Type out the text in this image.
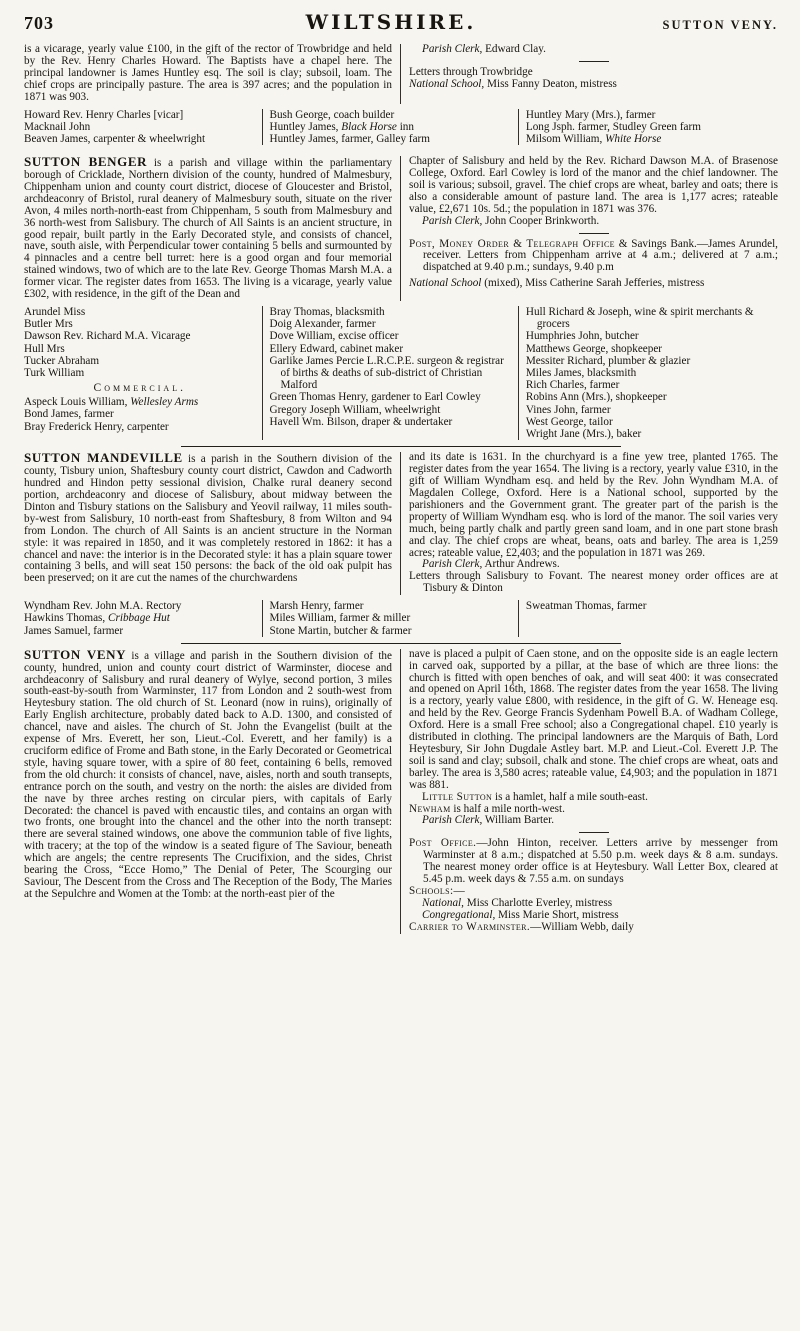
703	WILTSHIRE.	SUTTON VENY.

is a vicarage, yearly value £100, in the gift of the rector of Trowbridge and held by the Rev. Henry Charles Howard. The Baptists have a chapel here. The principal landowner is James Huntley esq. The soil is clay; subsoil, loam. The chief crops are principally pasture. The area is 397 acres; and the population in 1871 was 903.

Parish Clerk, Edward Clay.

Letters through Trowbridge

National School, Miss Fanny Deaton, mistress

Howard Rev. Henry Charles [vicar]
Macknail John
Beaven James, carpenter & wheelwright
Bush George, coach builder
Huntley James, Black Horse inn
Huntley James, farmer, Galley farm
Huntley Mary (Mrs.), farmer
Long Jsph. farmer, Studley Green farm
Milsom William, White Horse

SUTTON BENGER is a parish and village within the parliamentary borough of Cricklade, Northern division of the county, hundred of Malmesbury, Chippenham union and county court district, diocese of Gloucester and Bristol, archdeaconry of Bristol, rural deanery of Malmesbury south, situate on the river Avon, 4 miles north-north-east from Chippenham, 5 south from Malmesbury and 36 north-west from Salisbury. The church of All Saints is an ancient structure, in good repair, built partly in the Early Decorated style, and consists of chancel, nave, south aisle, with Perpendicular tower containing 5 bells and surmounted by 4 pinnacles and a centre bell turret: here is a good organ and four memorial stained windows, two of which are to the late Rev. George Thomas Marsh M.A. a former vicar. The register dates from 1653. The living is a vicarage, yearly value £302, with residence, in the gift of the Dean and

Chapter of Salisbury and held by the Rev. Richard Dawson M.A. of Brasenose College, Oxford. Earl Cowley is lord of the manor and the chief landowner. The soil is various; subsoil, gravel. The chief crops are wheat, barley and oats; there is also a considerable amount of pasture land. The area is 1,177 acres; rateable value, £2,671 10s. 5d.; the population in 1871 was 376.

Parish Clerk, John Cooper Brinkworth.

Post, Money Order & Telegraph Office & Savings Bank.—James Arundel, receiver. Letters from Chippenham arrive at 4 a.m.; delivered at 7 a.m.; dispatched at 9.40 p.m.; sundays, 9.40 p.m

National School (mixed), Miss Catherine Sarah Jefferies, mistress

Arundel Miss
Butler Mrs
Dawson Rev. Richard M.A. Vicarage
Hull Mrs
Tucker Abraham
Turk William
Commercial.
Aspeck Louis William, Wellesley Arms
Bond James, farmer
Bray Frederick Henry, carpenter
Bray Thomas, blacksmith
Doig Alexander, farmer
Dove William, excise officer
Ellery Edward, cabinet maker
Garlike James Percie L.R.C.P.E. surgeon & registrar of births & deaths of sub-district of Christian Malford
Green Thomas Henry, gardener to Earl Cowley
Gregory Joseph William, wheelwright
Havell Wm. Bilson, draper & undertaker
Hull Richard & Joseph, wine & spirit merchants & grocers
Humphries John, butcher
Matthews George, shopkeeper
Messiter Richard, plumber & glazier
Miles James, blacksmith
Rich Charles, farmer
Robins Ann (Mrs.), shopkeeper
Vines John, farmer
West George, tailor
Wright Jane (Mrs.), baker

SUTTON MANDEVILLE is a parish in the Southern division of the county, Tisbury union, Shaftesbury county court district, Cawdon and Cadworth hundred and Hindon petty sessional division, Chalke rural deanery second portion, archdeaconry and diocese of Salisbury, about midway between the Dinton and Tisbury stations on the Salisbury and Yeovil railway, 11 miles south-by-west from Salisbury, 10 north-east from Shaftesbury, 8 from Wilton and 94 from London. The church of All Saints is an ancient structure in the Norman style: it was repaired in 1850, and it was completely restored in 1862: it has a chancel and nave: the interior is in the Decorated style: it has a plain square tower containing 3 bells, and will seat 150 persons: the back of the old oak pulpit has been preserved; on it are cut the names of the churchwardens

and its date is 1631. In the churchyard is a fine yew tree, planted 1765. The register dates from the year 1654. The living is a rectory, yearly value £310, in the gift of William Wyndham esq. and held by the Rev. John Wyndham M.A. of Magdalen College, Oxford. Here is a National school, supported by the parishioners and the Government grant. The greater part of the parish is the property of William Wyndham esq. who is lord of the manor. The soil varies very much, being partly chalk and partly green sand loam, and in one part stone brash and clay. The chief crops are wheat, beans, oats and barley. The area is 1,259 acres; rateable value, £2,403; and the population in 1871 was 269.

Parish Clerk, Arthur Andrews.

Letters through Salisbury to Fovant. The nearest money order offices are at Tisbury & Dinton

Wyndham Rev. John M.A. Rectory
Hawkins Thomas, Cribbage Hut
James Samuel, farmer
Marsh Henry, farmer
Miles William, farmer & miller
Stone Martin, butcher & farmer
Sweatman Thomas, farmer

SUTTON VENY is a village and parish in the Southern division of the county, hundred, union and county court district of Warminster, diocese and archdeaconry of Salisbury and rural deanery of Wylye, second portion, 3 miles south-east-by-south from Warminster, 117 from London and 2 south-west from Heytesbury station. The old church of St. Leonard (now in ruins), originally of Early English architecture, probably dated back to A.D. 1300, and consisted of chancel, nave and aisles. The church of St. John the Evangelist (built at the expense of Mrs. Everett, her son, Lieut.-Col. Everett, and her family) is a cruciform edifice of Frome and Bath stone, in the Early Decorated or Geometrical style, having square tower, with a spire of 80 feet, containing 6 bells, removed from the old church: it consists of chancel, nave, aisles, north and south transepts, entrance porch on the south, and vestry on the north: the aisles are divided from the nave by three arches resting on circular piers, with capitals of Early Decorated: the chancel is paved with encaustic tiles, and contains an organ with two fronts, one brought into the chancel and the other into the north transept: there are several stained windows, one above the communion table of five lights, with tracery; at the top of the window is a seated figure of The Saviour, beneath which are angels; the centre represents The Crucifixion, and the sides, Christ bearing the Cross, “Ecce Homo,” The Denial of Peter, The Scourging our Saviour, The Descent from the Cross and The Reception of the Body, The Maries at the Sepulchre and Women at the Tomb: at the north-east pier of the

nave is placed a pulpit of Caen stone, and on the opposite side is an eagle lectern in carved oak, supported by a pillar, at the base of which are three lions: the church is fitted with open benches of oak, and will seat 400: it was consecrated and opened on April 16th, 1868. The register dates from the year 1658. The living is a rectory, yearly value £800, with residence, in the gift of G. W. Heneage esq. and held by the Rev. George Francis Sydenham Powell B.A. of Wadham College, Oxford. Here is a small Free school; also a Congregational chapel. £10 yearly is distributed in clothing. The principal landowners are the Marquis of Bath, Lord Heytesbury, Sir John Dugdale Astley bart. M.P. and Lieut.-Col. Everett J.P. The soil is sand and clay; subsoil, chalk and stone. The chief crops are wheat, oats and barley. The area is 3,580 acres; rateable value, £4,903; and the population in 1871 was 881.

Little Sutton is a hamlet, half a mile south-east.

Newham is half a mile north-west.

Parish Clerk, William Barter.

Post Office.—John Hinton, receiver. Letters arrive by messenger from Warminster at 8 a.m.; dispatched at 5.50 p.m. week days & 8 a.m. sundays. The nearest money order office is at Heytesbury. Wall Letter Box, cleared at 5.45 p.m. week days & 7.55 a.m. on sundays

Schools:—

National, Miss Charlotte Everley, mistress

Congregational, Miss Marie Short, mistress

Carrier to Warminster.—William Webb, daily
